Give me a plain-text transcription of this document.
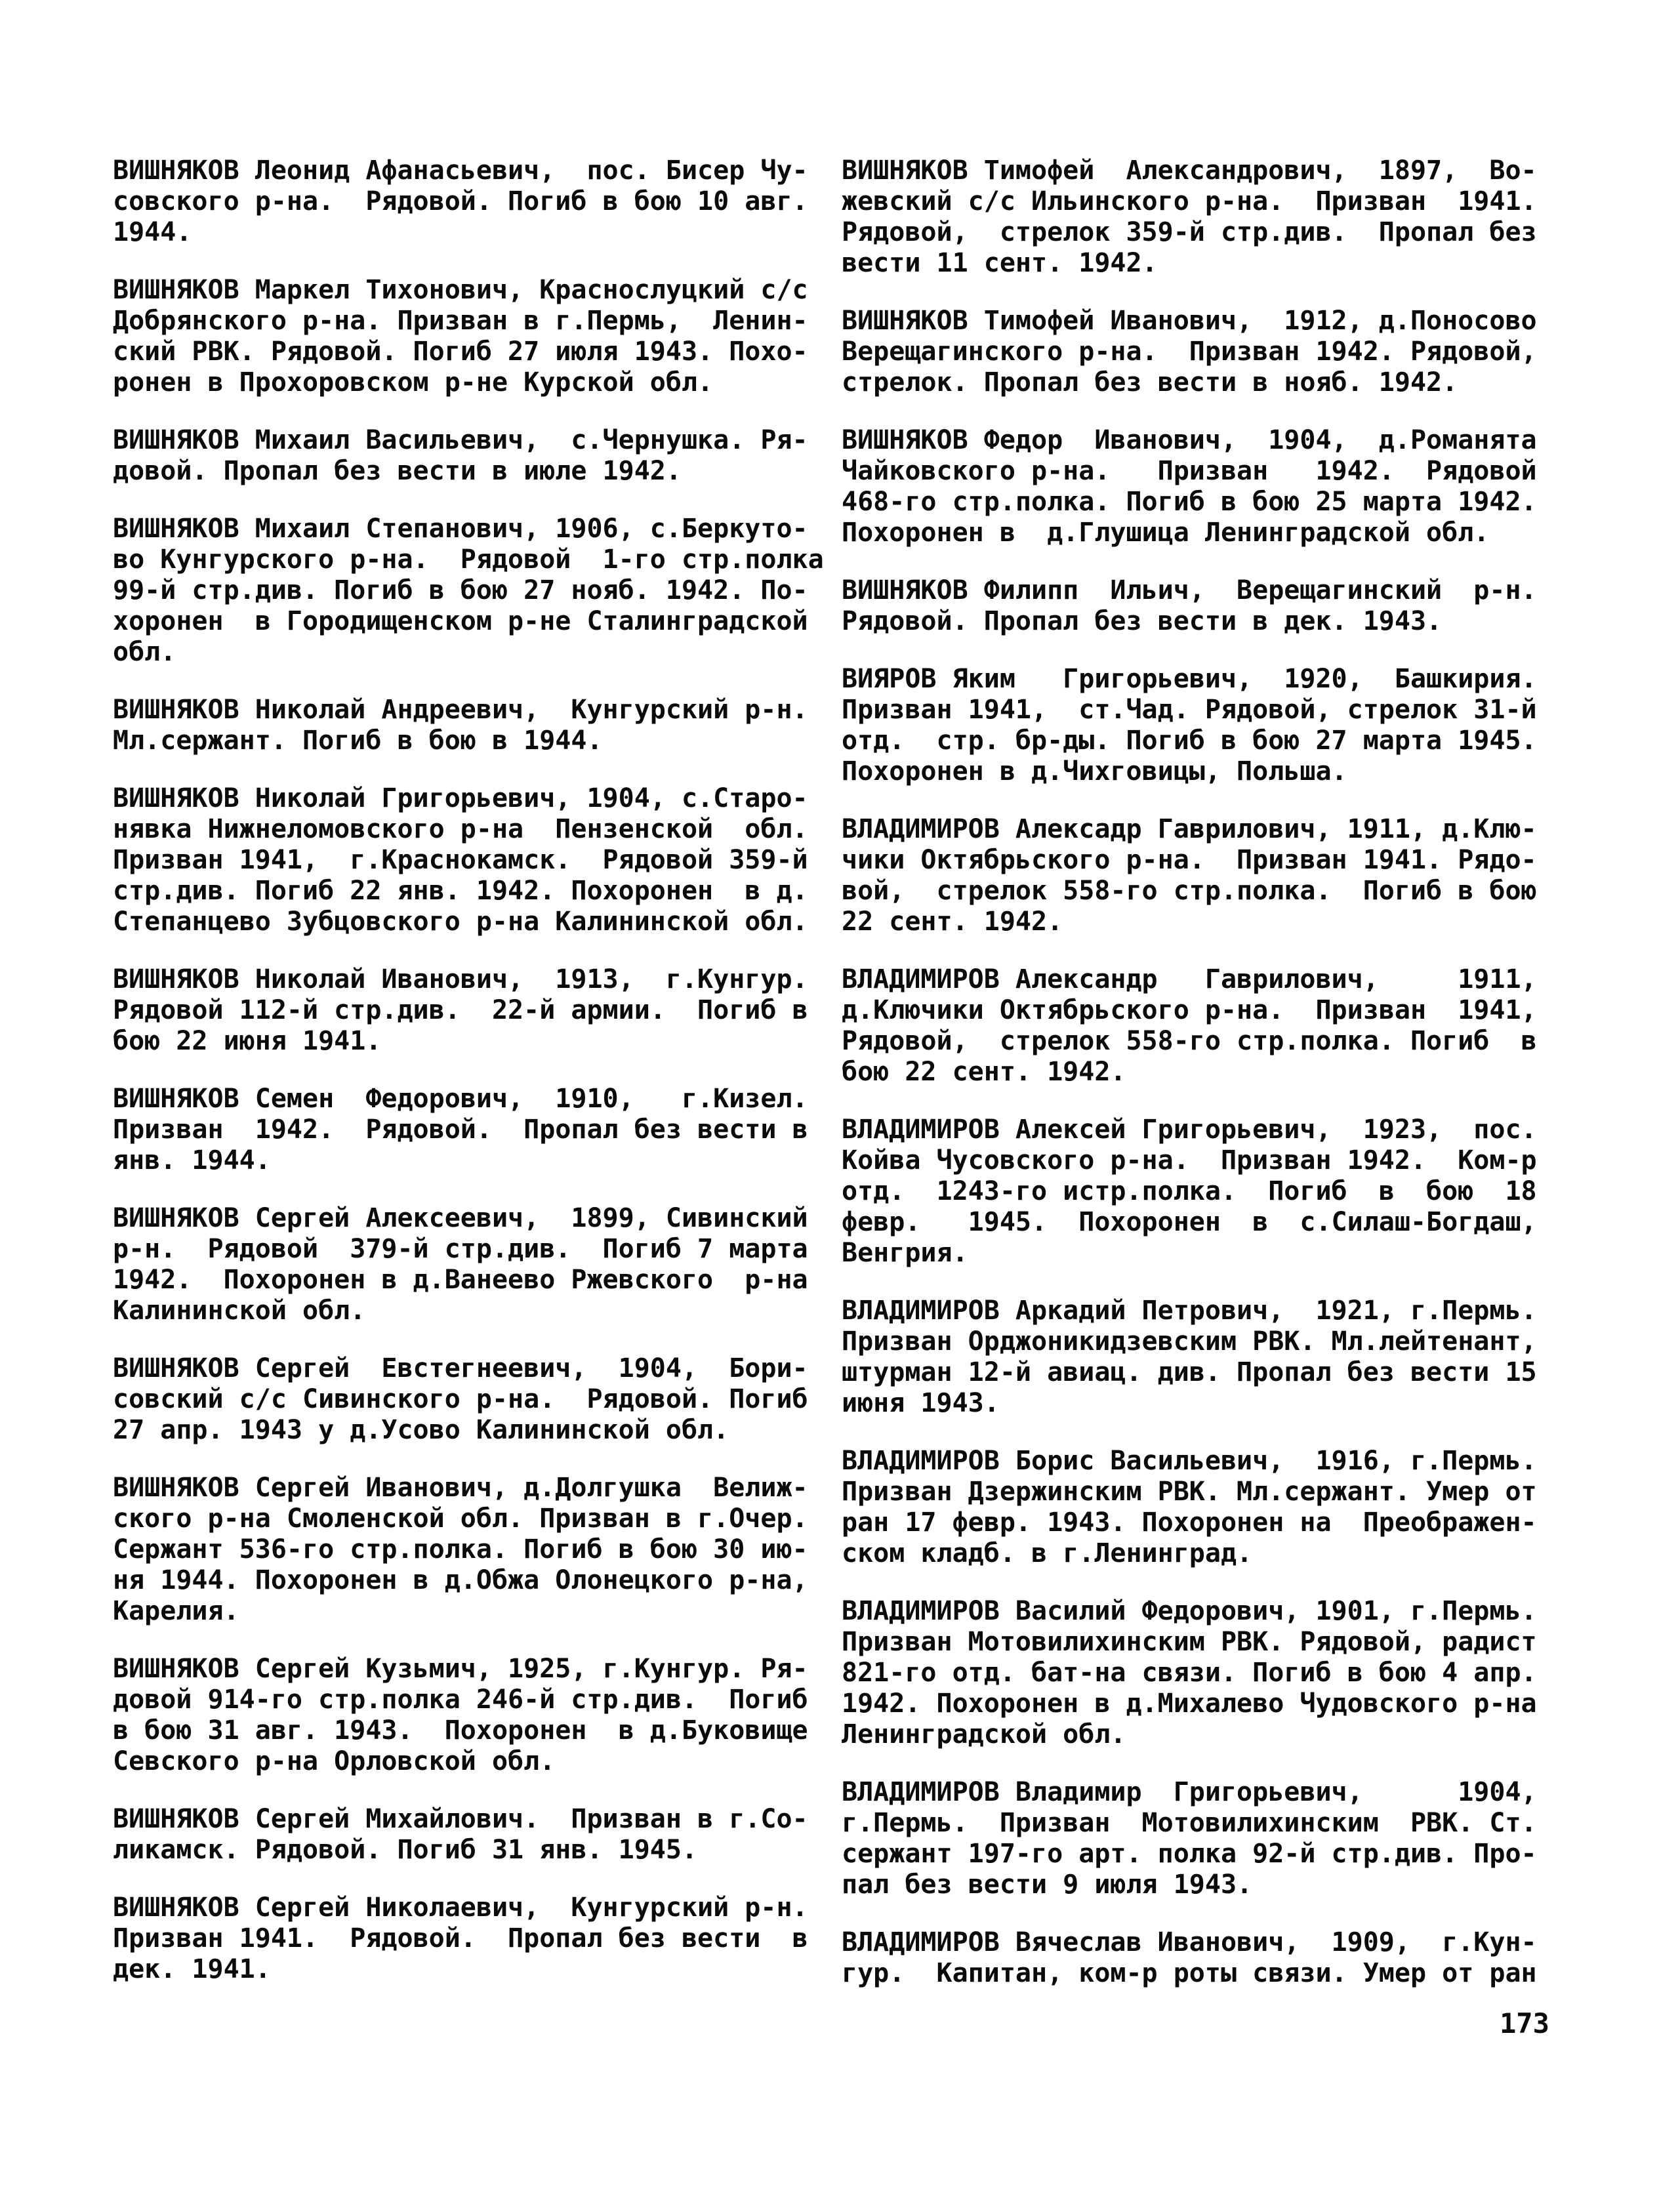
ВИШНЯКОВ Леонид Афанасьевич,  пос. Бисер Чу-
совского р-на.  Рядовой. Погиб в бою 10 авг.
1944.
ВИШНЯКОВ Маркел Тихонович, Краснослуцкий с/с
Добрянского р-на. Призван в г.Пермь,  Ленин-
ский РВК. Рядовой. Погиб 27 июля 1943. Похо-
ронен в Прохоровском р-не Курской обл.
ВИШНЯКОВ Михаил Васильевич,  с.Чернушка. Ря-
довой. Пропал без вести в июле 1942.
ВИШНЯКОВ Михаил Степанович, 1906, с.Беркуто-
во Кунгурского р-на.  Рядовой  1-го стр.полка
99-й стр.див. Погиб в бою 27 нояб. 1942. По-
хоронен  в Городищенском р-не Сталинградской
обл.
ВИШНЯКОВ Николай Андреевич,  Кунгурский р-н.
Мл.сержант. Погиб в бою в 1944.
ВИШНЯКОВ Николай Григорьевич, 1904, с.Старо-
нявка Нижнеломовского р-на  Пензенской  обл.
Призван 1941,  г.Краснокамск.  Рядовой 359-й
стр.див. Погиб 22 янв. 1942. Похоронен  в д.
Степанцево Зубцовского р-на Калининской обл.
ВИШНЯКОВ Николай Иванович,  1913,  г.Кунгур.
Рядовой 112-й стр.див.  22-й армии.  Погиб в
бою 22 июня 1941.
ВИШНЯКОВ Семен  Федорович,  1910,   г.Кизел.
Призван  1942.  Рядовой.  Пропал без вести в
янв. 1944.
ВИШНЯКОВ Сергей Алексеевич,  1899, Сивинский
р-н.  Рядовой  379-й стр.див.  Погиб 7 марта
1942.  Похоронен в д.Ванеево Ржевского  р-на
Калининской обл.
ВИШНЯКОВ Сергей  Евстегнеевич,  1904,  Бори-
совский с/с Сивинского р-на.  Рядовой. Погиб
27 апр. 1943 у д.Усово Калининской обл.
ВИШНЯКОВ Сергей Иванович, д.Долгушка  Велиж-
ского р-на Смоленской обл. Призван в г.Очер.
Сержант 536-го стр.полка. Погиб в бою 30 ию-
ня 1944. Похоронен в д.Обжа Олонецкого р-на,
Карелия.
ВИШНЯКОВ Сергей Кузьмич, 1925, г.Кунгур. Ря-
довой 914-го стр.полка 246-й стр.див.  Погиб
в бою 31 авг. 1943.  Похоронен  в д.Буковище
Севского р-на Орловской обл.
ВИШНЯКОВ Сергей Михайлович.  Призван в г.Со-
ликамск. Рядовой. Погиб 31 янв. 1945.
ВИШНЯКОВ Сергей Николаевич,  Кунгурский р-н.
Призван 1941.  Рядовой.  Пропал без вести  в
дек. 1941.
ВИШНЯКОВ Тимофей  Александрович,  1897,  Во-
жевский с/с Ильинского р-на.  Призван  1941.
Рядовой,  стрелок 359-й стр.див.  Пропал без
вести 11 сент. 1942.
ВИШНЯКОВ Тимофей Иванович,  1912, д.Поносово
Верещагинского р-на.  Призван 1942. Рядовой,
стрелок. Пропал без вести в нояб. 1942.
ВИШНЯКОВ Федор  Иванович,  1904,  д.Романята
Чайковского р-на.   Призван   1942.  Рядовой
468-го стр.полка. Погиб в бою 25 марта 1942.
Похоронен в  д.Глушица Ленинградской обл.
ВИШНЯКОВ Филипп  Ильич,  Верещагинский  р-н.
Рядовой. Пропал без вести в дек. 1943.
ВИЯРОВ Яким   Григорьевич,  1920,  Башкирия.
Призван 1941,  ст.Чад. Рядовой, стрелок 31-й
отд.  стр. бр-ды. Погиб в бою 27 марта 1945.
Похоронен в д.Чихговицы, Польша.
ВЛАДИМИРОВ Алексадр Гаврилович, 1911, д.Клю-
чики Октябрьского р-на.  Призван 1941. Рядо-
вой,  стрелок 558-го стр.полка.  Погиб в бою
22 сент. 1942.
ВЛАДИМИРОВ Александр   Гаврилович,     1911,
д.Ключики Октябрьского р-на.  Призван  1941,
Рядовой,  стрелок 558-го стр.полка. Погиб  в
бою 22 сент. 1942.
ВЛАДИМИРОВ Алексей Григорьевич,  1923,  пос.
Койва Чусовского р-на.  Призван 1942.  Ком-р
отд.  1243-го истр.полка.  Погиб  в  бою  18
февр.   1945.  Похоронен  в  с.Силаш-Богдаш,
Венгрия.
ВЛАДИМИРОВ Аркадий Петрович,  1921, г.Пермь.
Призван Орджоникидзевским РВК. Мл.лейтенант,
штурман 12-й авиац. див. Пропал без вести 15
июня 1943.
ВЛАДИМИРОВ Борис Васильевич,  1916, г.Пермь.
Призван Дзержинским РВК. Мл.сержант. Умер от
ран 17 февр. 1943. Похоронен на  Преображен-
ском кладб. в г.Ленинград.
ВЛАДИМИРОВ Василий Федорович, 1901, г.Пермь.
Призван Мотовилихинским РВК. Рядовой, радист
821-го отд. бат-на связи. Погиб в бою 4 апр.
1942. Похоронен в д.Михалево Чудовского р-на
Ленинградской обл.
ВЛАДИМИРОВ Владимир  Григорьевич,      1904,
г.Пермь.  Призван  Мотовилихинским  РВК. Ст.
сержант 197-го арт. полка 92-й стр.див. Про-
пал без вести 9 июля 1943.
ВЛАДИМИРОВ Вячеслав Иванович,  1909,  г.Кун-
гур.  Капитан, ком-р роты связи. Умер от ран
173
